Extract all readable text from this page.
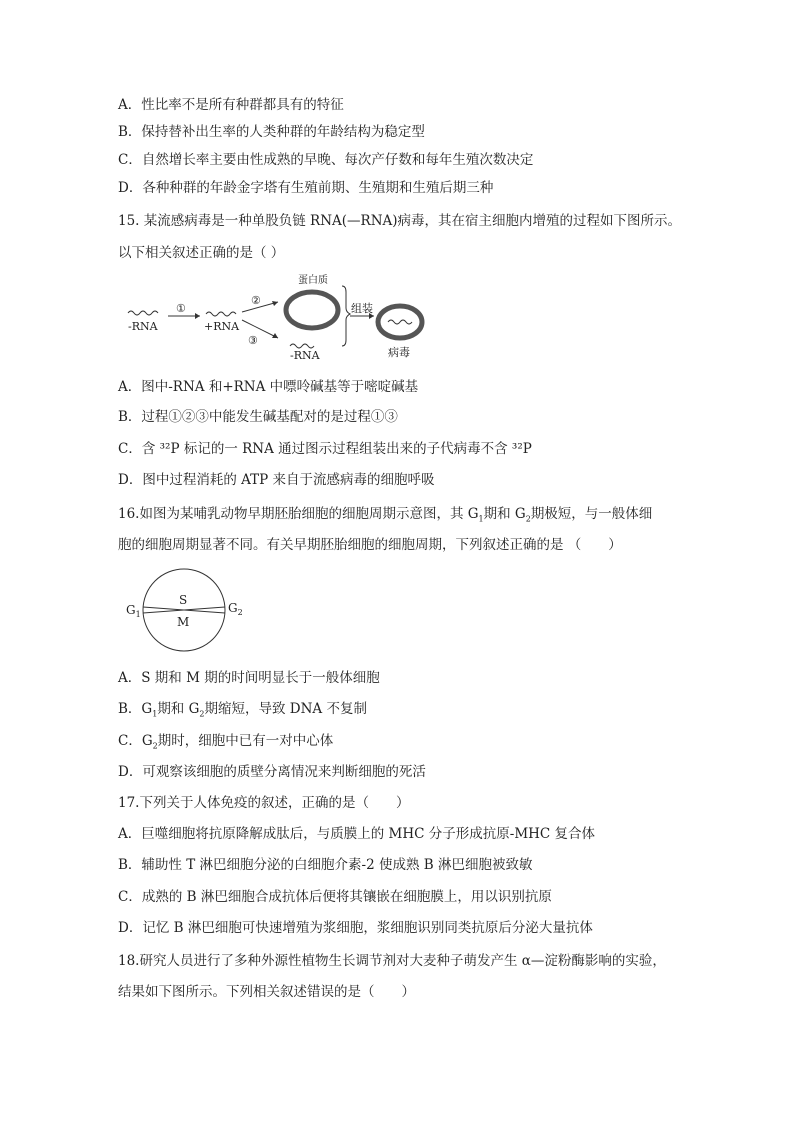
A．性比率不是所有种群都具有的特征
B．保持替补出生率的人类种群的年龄结构为稳定型
C．自然增长率主要由性成熟的早晚、每次产仔数和每年生殖次数决定
D．各种种群的年龄金字塔有生殖前期、生殖期和生殖后期三种
15. 某流感病毒是一种单股负链 RNA(—RNA)病毒，其在宿主细胞内增殖的过程如下图所示。
以下相关叙述正确的是（ ）
-RNA
①
+RNA
②
③
蛋白质
-RNA
组装
病毒
A．图中-RNA 和+RNA 中嘌呤碱基等于嘧啶碱基
B．过程①②③中能发生碱基配对的是过程①③
C．含 ³²P 标记的一 RNA 通过图示过程组装出来的子代病毒不含 ³²P
D．图中过程消耗的 ATP 来自于流感病毒的细胞呼吸
16.如图为某哺乳动物早期胚胎细胞的细胞周期示意图，其 $G_1$期和 $G_2$期极短，与一般体细
胞的细胞周期显著不同。有关早期胚胎细胞的细胞周期，下列叙述正确的是 （　　）
$G_1$	$G_2$
S
M
A．S 期和 M 期的时间明显长于一般体细胞
B．$G_1$期和 $G_2$期缩短，导致 DNA 不复制
C．$G_2$期时，细胞中已有一对中心体
D．可观察该细胞的质壁分离情况来判断细胞的死活
17.下列关于人体免疫的叙述，正确的是（　　）
A．巨噬细胞将抗原降解成肽后，与质膜上的 MHC 分子形成抗原-MHC 复合体
B．辅助性 T 淋巴细胞分泌的白细胞介素-2 使成熟 B 淋巴细胞被致敏
C．成熟的 B 淋巴细胞合成抗体后便将其镶嵌在细胞膜上，用以识别抗原
D．记忆 B 淋巴细胞可快速增殖为浆细胞，浆细胞识别同类抗原后分泌大量抗体
18.研究人员进行了多种外源性植物生长调节剂对大麦种子萌发产生 α—淀粉酶影响的实验，
结果如下图所示。下列相关叙述错误的是（　　）
